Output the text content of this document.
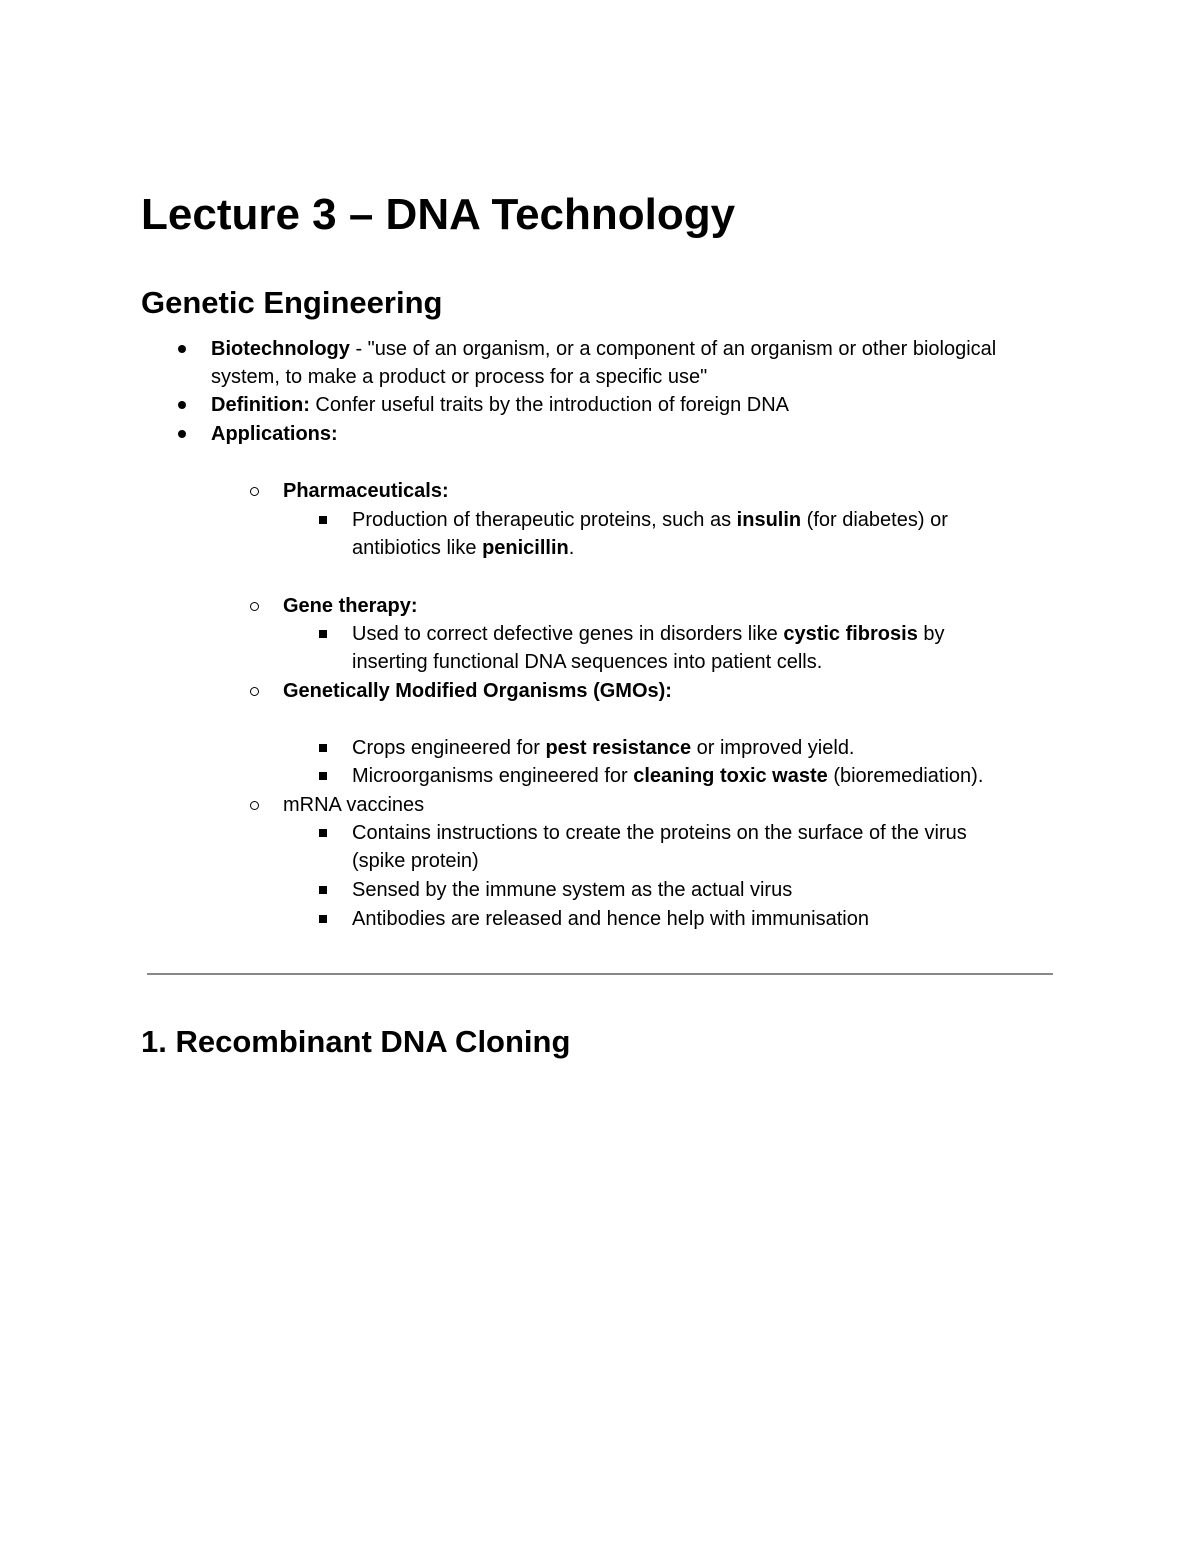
Lecture 3 – DNA Technology
Genetic Engineering
Biotechnology - "use of an organism, or a component of an organism or other biological
system, to make a product or process for a specific use"
Definition: Confer useful traits by the introduction of foreign DNA
Applications:
Pharmaceuticals:
Production of therapeutic proteins, such as insulin (for diabetes) or
antibiotics like penicillin.
Gene therapy:
Used to correct defective genes in disorders like cystic fibrosis by
inserting functional DNA sequences into patient cells.
Genetically Modified Organisms (GMOs):
Crops engineered for pest resistance or improved yield.
Microorganisms engineered for cleaning toxic waste (bioremediation).
mRNA vaccines
Contains instructions to create the proteins on the surface of the virus
(spike protein)
Sensed by the immune system as the actual virus
Antibodies are released and hence help with immunisation
1. Recombinant DNA Cloning
